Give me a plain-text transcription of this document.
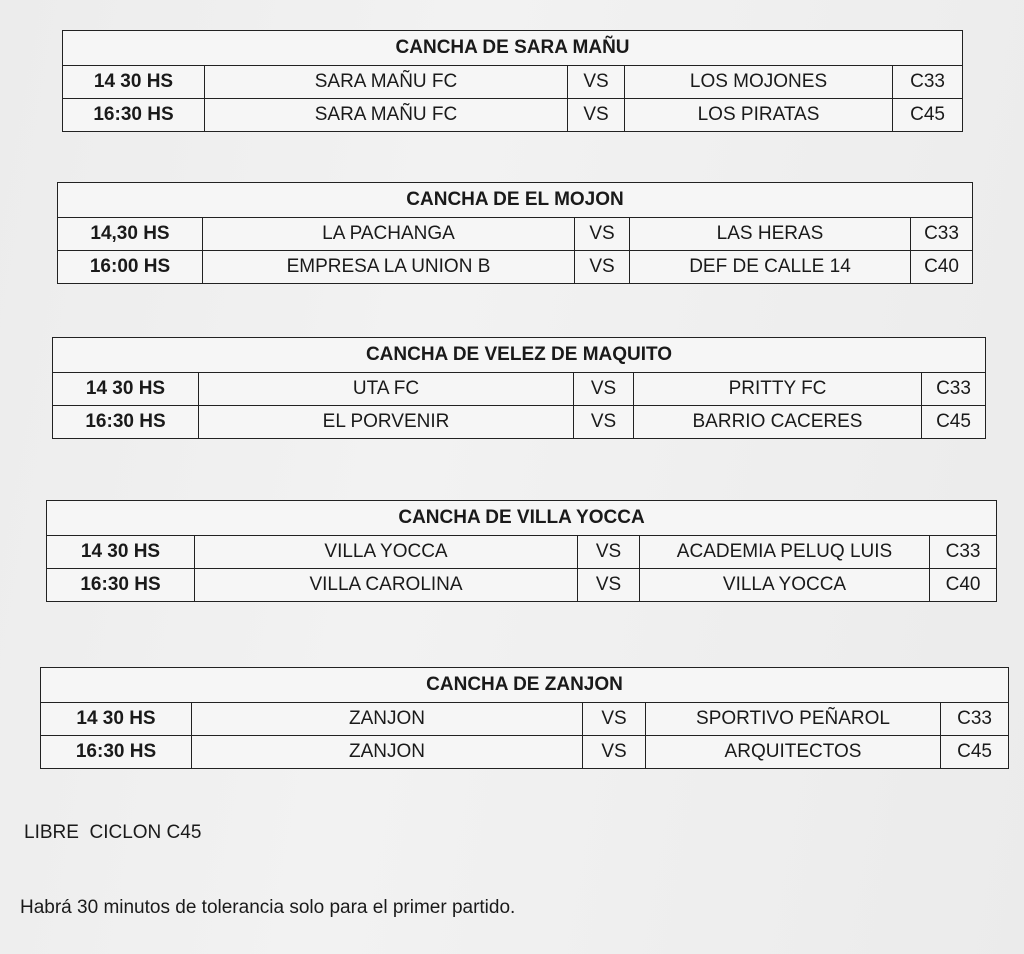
CANCHA DE SARA MAÑU				
14 30 HS	SARA MAÑU FC	VS	LOS MOJONES	C33
16:30 HS	SARA MAÑU FC	VS	LOS PIRATAS	C45
CANCHA DE EL MOJON				
14,30 HS	LA PACHANGA	VS	LAS HERAS	C33
16:00 HS	EMPRESA LA UNION B	VS	DEF DE CALLE 14	C40
CANCHA DE VELEZ DE MAQUITO				
14 30 HS	UTA FC	VS	PRITTY FC	C33
16:30 HS	EL PORVENIR	VS	BARRIO CACERES	C45
CANCHA DE VILLA YOCCA				
14 30 HS	VILLA YOCCA	VS	ACADEMIA PELUQ LUIS	C33
16:30 HS	VILLA CAROLINA	VS	VILLA YOCCA	C40
CANCHA DE ZANJON				
14 30 HS	ZANJON	VS	SPORTIVO PEÑAROL	C33
16:30 HS	ZANJON	VS	ARQUITECTOS	C45
LIBRE  CICLON C45
Habrá 30 minutos de tolerancia solo para el primer partido.
